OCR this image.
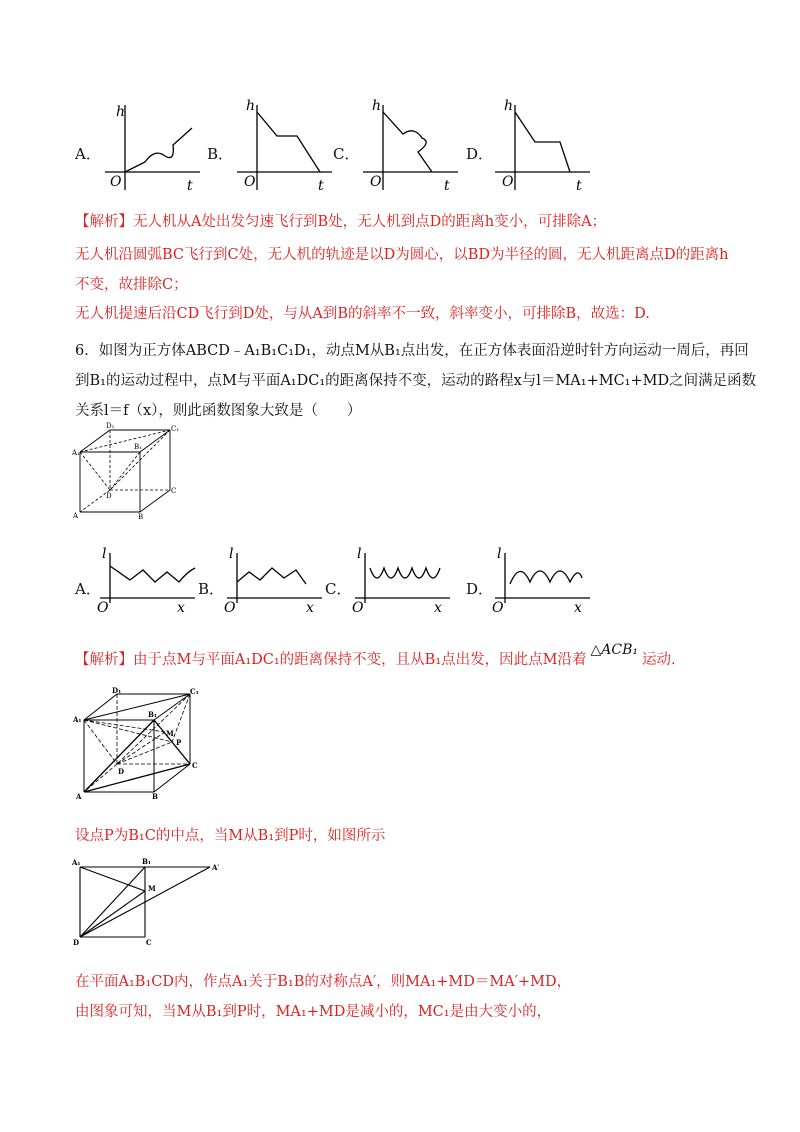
A．
h
O	t
B．
h
O	t
C．
h
O	t
D．
h
O	t
【解析】无人机从A处出发匀速飞行到B处，无人机到点D的距离h变小，可排除A；
无人机沿圆弧BC飞行到C处，无人机的轨迹是以D为圆心，以BD为半径的圆，无人机距离点D的距离h
不变，故排除C；
无人机提速后沿CD飞行到D处，与从A到B的斜率不一致，斜率变小，可排除B，故选：D.
6．如图为正方体ABCD﹣A₁B₁C₁D₁，动点M从B₁点出发，在正方体表面沿逆时针方向运动一周后，再回
到B₁的运动过程中，点M与平面A₁DC₁的距离保持不变，运动的路程x与l＝MA₁+MC₁+MD之间满足函数
关系l＝f（x），则此函数图象大致是（　　）
D₁	C₁
A₁
B₁
D
C
A	B
A．
l
O	x
B．
l
O	x
C．
l
O	x
D．
l
O	x
【解析】由于点M与平面A₁DC₁的距离保持不变，且从B₁点出发，因此点M沿着△ACB₁运动.
D₁	C₁
A₁
B₁
M
P
D
C
A	B
设点P为B₁C的中点，当M从B₁到P时，如图所示
A₁	B₁
A′
M
D	C
在平面A₁B₁CD内，作点A₁关于B₁B的对称点A′，则MA₁+MD＝MA′+MD，
由图象可知，当M从B₁到P时，MA₁+MD是减小的，MC₁是由大变小的，
